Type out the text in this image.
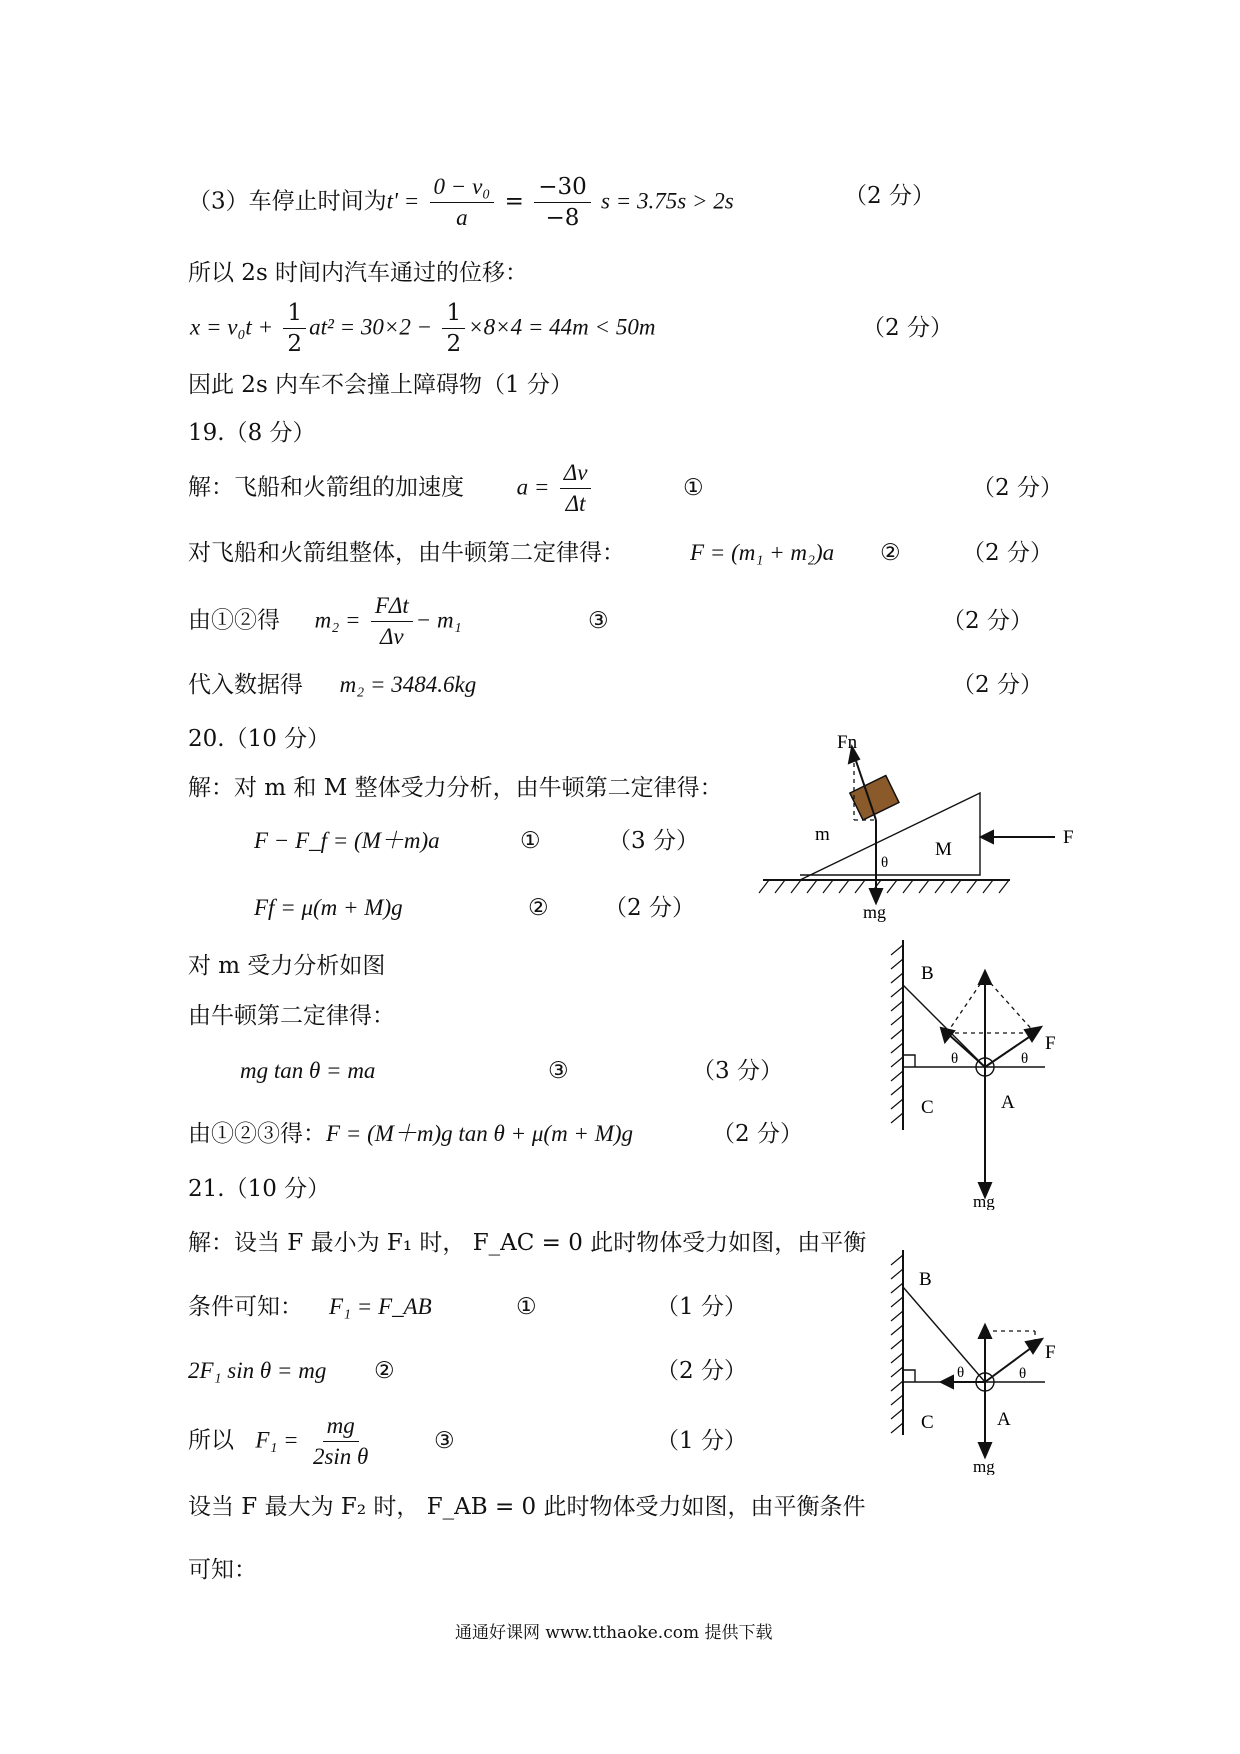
（3）车停止时间为$t' = \frac{\text{0 − v₀}}{a} = \frac{-30}{-8}$ s = 3.75s > 2s	（2 分）
所以 2s 时间内汽车通过的位移：
$x = v_0t + \frac{1}{2} at^2 = 30\times 2 - \frac{1}{2} \times 8\times 4 = 44m < 50m$	（2 分）
因此 2s 内车不会撞上障碍物（1 分）
19.（8 分）
解：飞船和火箭组的加速度 $a = \frac{\Delta v}{\Delta t}$	①	（2 分）
对飞船和火箭组整体，由牛顿第二定律得：	F = (m₁ + m₂)a ②	（2 分）
由①②得 $m_2 = \frac{\text{FΔt}}{\Delta v} - m_1$	③	（2 分）
代入数据得 m₂ = 3484.6kg	（2 分）
20.（10 分）
解：对 m 和 M 整体受力分析，由牛顿第二定律得：
F − F_f = (M＋m)a	①	（3 分）
Ff = μ(m + M)g	② （2 分）
对 m 受力分析如图
由牛顿第二定律得：
mg tan θ = ma	③	（3 分）
由①②③得：F = (M＋m)g tan θ + μ(m + M)g	（2 分）
Fn
m
M
F
θ
mg
B
C	A
F
θ	θ
mg
21.（10 分）
解：设当 F 最小为 F₁ 时， F_AC = 0 此时物体受力如图，由平衡
条件可知： F₁ = F_AB	①	（1 分）
2F₁ sin θ = mg ②	（2 分）
所以 $F_1 = \frac{mg}{\text{2sin θ}}$	③	（1 分）
设当 F 最大为 F₂ 时， F_AB = 0 此时物体受力如图，由平衡条件
可知：
B
C	A
F
θ	θ
mg
通通好课网 www.tthaoke.com 提供下载
